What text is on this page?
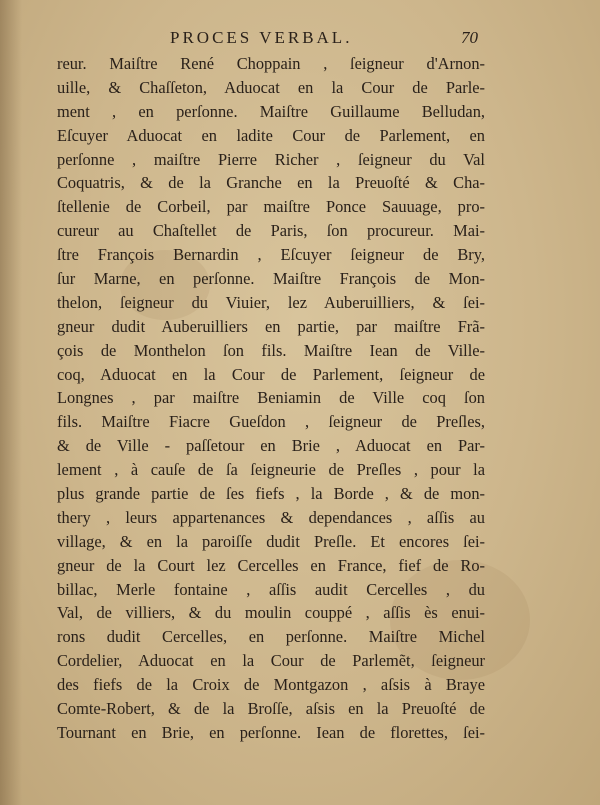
PROCES VERBAL.	70
reur. Maiſtre René Choppain , ſeigneur d'Arnon-
uille, & Chaſſeton, Aduocat en la Cour de Parle-
ment , en perſonne. Maiſtre Guillaume Belludan,
Eſcuyer Aduocat en ladite Cour de Parlement, en
perſonne , maiſtre Pierre Richer , ſeigneur du Val
Coquatris, & de la Granche en la Preuoſté & Cha-
ſtellenie de Corbeil, par maiſtre Ponce Sauuage, pro-
cureur au Chaſtellet de Paris, ſon procureur. Mai-
ſtre François Bernardin , Eſcuyer ſeigneur de Bry,
ſur Marne, en perſonne. Maiſtre François de Mon-
thelon, ſeigneur du Viuier, lez Auberuilliers, & ſei-
gneur dudit Auberuilliers en partie, par maiſtre Frã-
çois de Monthelon ſon fils. Maiſtre Iean de Ville-
coq, Aduocat en la Cour de Parlement, ſeigneur de
Longnes , par maiſtre Beniamin de Ville coq ſon
fils. Maiſtre Fiacre Gueſdon , ſeigneur de Preſles,
& de Ville - paſſetour en Brie , Aduocat en Par-
lement , à cauſe de ſa ſeigneurie de Preſles , pour la
plus grande partie de ſes fiefs , la Borde , & de mon-
thery , leurs appartenances & dependances , aſſis au
village, & en la paroiſſe dudit Preſle. Et encores ſei-
gneur de la Court lez Cercelles en France, fief de Ro-
billac, Merle fontaine , aſſis audit Cercelles , du
Val, de villiers, & du moulin couppé , aſſis ès enui-
rons dudit Cercelles, en perſonne. Maiſtre Michel
Cordelier, Aduocat en la Cour de Parlemẽt, ſeigneur
des fiefs de la Croix de Montgazon , aſsis à Braye
Comte-Robert, & de la Broſſe, aſsis en la Preuoſté de
Tournant en Brie, en perſonne. Iean de florettes, ſei-
